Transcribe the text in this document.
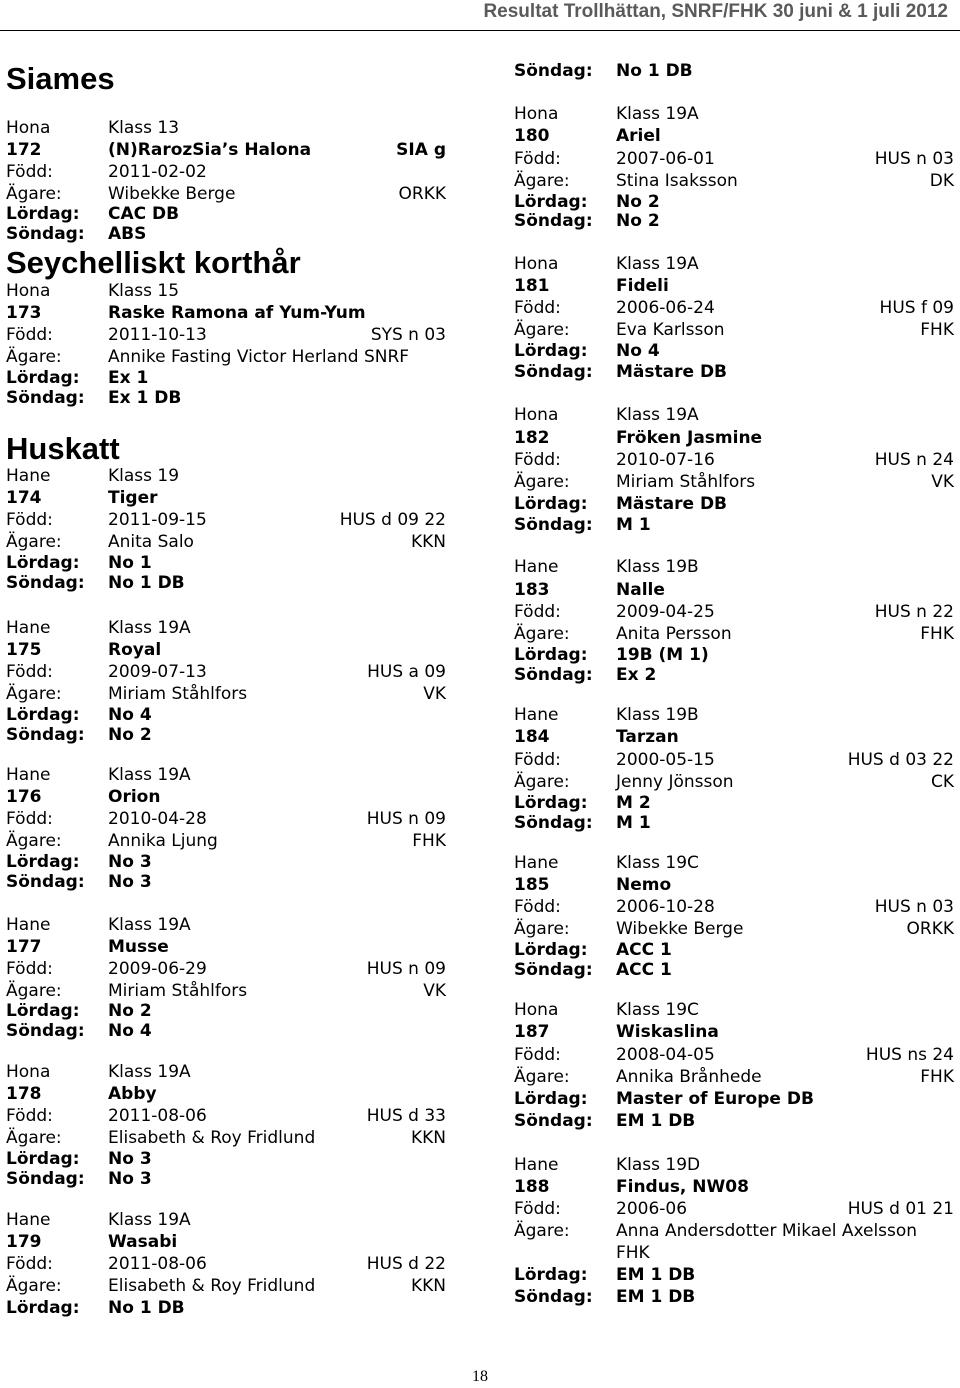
Resultat Trollhättan, SNRF/FHK 30 juni & 1 juli 2012
Siames
Seychelliskt korthår
Huskatt
Hona	Klass 13
172	(N)RarozSia’s Halona	SIA g
Född:	2011-02-02
Ägare:	Wibekke Berge	ORKK
Lördag: CAC DB
Söndag: ABS
Hona	Klass 15
173	Raske Ramona af Yum-Yum
Född:	2011-10-13	SYS n 03
Ägare:	Annike Fasting Victor Herland SNRF
Lördag: Ex 1
Söndag: Ex 1 DB
Hane	Klass 19
174	Tiger
Född:	2011-09-15	HUS d 09 22
Ägare:	Anita Salo	KKN
Lördag: No 1
Söndag: No 1 DB
Hane	Klass 19A
175	Royal
Född:	2009-07-13	HUS a 09
Ägare:	Miriam Ståhlfors	VK
Lördag: No 4
Söndag: No 2
Hane	Klass 19A
176	Orion
Född:	2010-04-28	HUS n 09
Ägare:	Annika Ljung	FHK
Lördag: No 3
Söndag: No 3
Hane	Klass 19A
177	Musse
Född:	2009-06-29	HUS n 09
Ägare:	Miriam Ståhlfors	VK
Lördag: No 2
Söndag: No 4
Hona	Klass 19A
178	Abby
Född:	2011-08-06	HUS d 33
Ägare:	Elisabeth & Roy Fridlund	KKN
Lördag: No 3
Söndag: No 3
Hane	Klass 19A
179	Wasabi
Född:	2011-08-06	HUS d 22
Ägare:	Elisabeth & Roy Fridlund	KKN
Lördag: No 1 DB
Söndag: No 1 DB
Hona	Klass 19A
180	Ariel
Född:	2007-06-01	HUS n 03
Ägare:	Stina Isaksson	DK
Lördag: No 2
Söndag: No 2
Hona	Klass 19A
181	Fideli
Född:	2006-06-24	HUS f 09
Ägare:	Eva Karlsson	FHK
Lördag: No 4
Söndag: Mästare DB
Hona	Klass 19A
182	Fröken Jasmine
Född:	2010-07-16	HUS n 24
Ägare:	Miriam Ståhlfors	VK
Lördag: Mästare DB
Söndag: M 1
Hane	Klass 19B
183	Nalle
Född:	2009-04-25	HUS n 22
Ägare:	Anita Persson	FHK
Lördag: 19B (M 1)
Söndag: Ex 2
Hane	Klass 19B
184	Tarzan
Född:	2000-05-15	HUS d 03 22
Ägare:	Jenny Jönsson	CK
Lördag: M 2
Söndag: M 1
Hane	Klass 19C
185	Nemo
Född:	2006-10-28	HUS n 03
Ägare:	Wibekke Berge	ORKK
Lördag: ACC 1
Söndag: ACC 1
Hona	Klass 19C
187	Wiskaslina
Född:	2008-04-05	HUS ns 24
Ägare:	Annika Brånhede	FHK
Lördag: Master of Europe DB
Söndag: EM 1 DB
Hane	Klass 19D
188	Findus, NW08
Född:	2006-06	HUS d 01 21
Ägare:	Anna Andersdotter Mikael Axelsson
FHK
Lördag: EM 1 DB
Söndag: EM 1 DB
18
